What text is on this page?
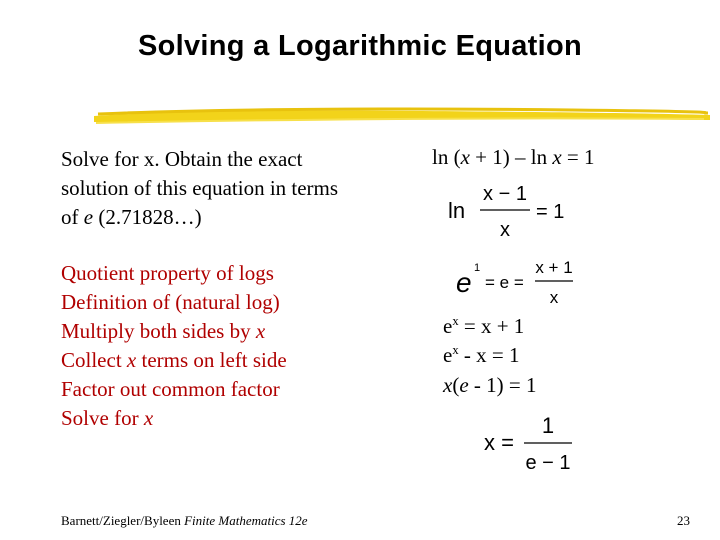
Solving a Logarithmic Equation
Solve for x. Obtain the exact
solution of this equation in terms
of e (2.71828…)
Quotient property of logs
Definition of (natural log)
Multiply both sides by x
Collect x terms on left side
Factor out common factor
Solve for x
ln (x + 1) – ln x = 1
ln
x − 1
x
= 1
e 1
= e =
x + 1
x
$e^x = x + 1$
$e^x - x = 1$
x(e - 1) = 1
x =
1
e − 1
Barnett/Ziegler/Byleen Finite Mathematics 12e	23
